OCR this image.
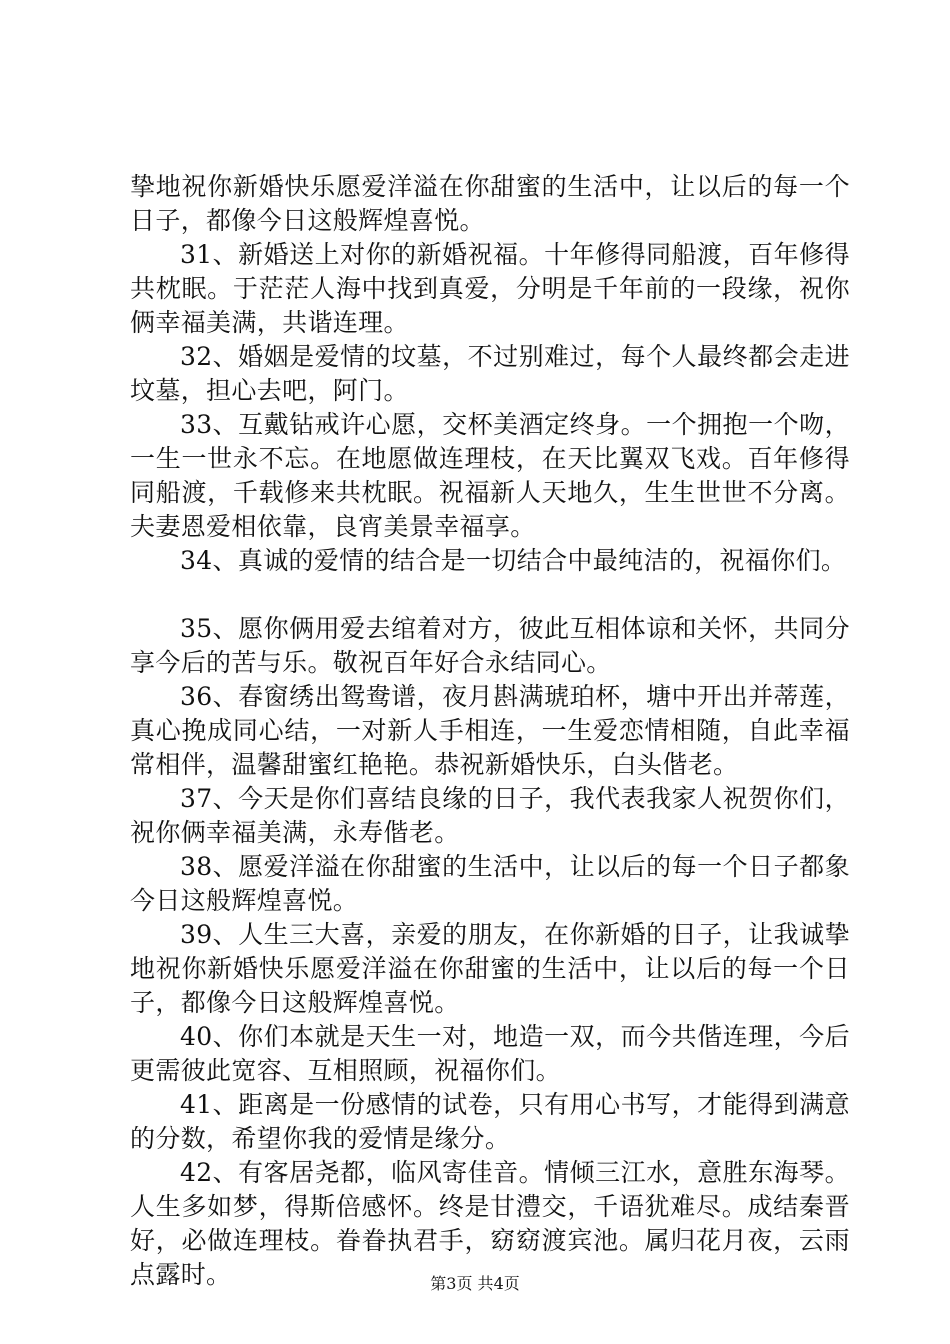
挚地祝你新婚快乐愿爱洋溢在你甜蜜的生活中，让以后的每一个日子，都像今日这般辉煌喜悦。

31、新婚送上对你的新婚祝福。十年修得同船渡，百年修得共枕眠。于茫茫人海中找到真爱，分明是千年前的一段缘，祝你俩幸福美满，共谐连理。

32、婚姻是爱情的坟墓，不过别难过，每个人最终都会走进坟墓，担心去吧，阿门。

33、互戴钻戒许心愿，交杯美酒定终身。一个拥抱一个吻，一生一世永不忘。在地愿做连理枝，在天比翼双飞戏。百年修得同船渡，千载修来共枕眠。祝福新人天地久，生生世世不分离。夫妻恩爱相依靠，良宵美景幸福享。

34、真诚的爱情的结合是一切结合中最纯洁的，祝福你们。

35、愿你俩用爱去绾着对方，彼此互相体谅和关怀，共同分享今后的苦与乐。敬祝百年好合永结同心。

36、春窗绣出鸳鸯谱，夜月斟满琥珀杯，塘中开出并蒂莲，真心挽成同心结，一对新人手相连，一生爱恋情相随，自此幸福常相伴，温馨甜蜜红艳艳。恭祝新婚快乐，白头偕老。

37、今天是你们喜结良缘的日子，我代表我家人祝贺你们，祝你俩幸福美满，永寿偕老。

38、愿爱洋溢在你甜蜜的生活中，让以后的每一个日子都象今日这般辉煌喜悦。

39、人生三大喜，亲爱的朋友，在你新婚的日子，让我诚挚地祝你新婚快乐愿爱洋溢在你甜蜜的生活中，让以后的每一个日子，都像今日这般辉煌喜悦。

40、你们本就是天生一对，地造一双，而今共偕连理，今后更需彼此宽容、互相照顾，祝福你们。

41、距离是一份感情的试卷，只有用心书写，才能得到满意的分数，希望你我的爱情是缘分。

42、有客居尧都，临风寄佳音。情倾三江水，意胜东海琴。人生多如梦，得斯倍感怀。终是甘澧交，千语犹难尽。成结秦晋好，必做连理枝。眷眷执君手，窈窈渡宾池。属归花月夜，云雨点露时。	第3页 共4页
